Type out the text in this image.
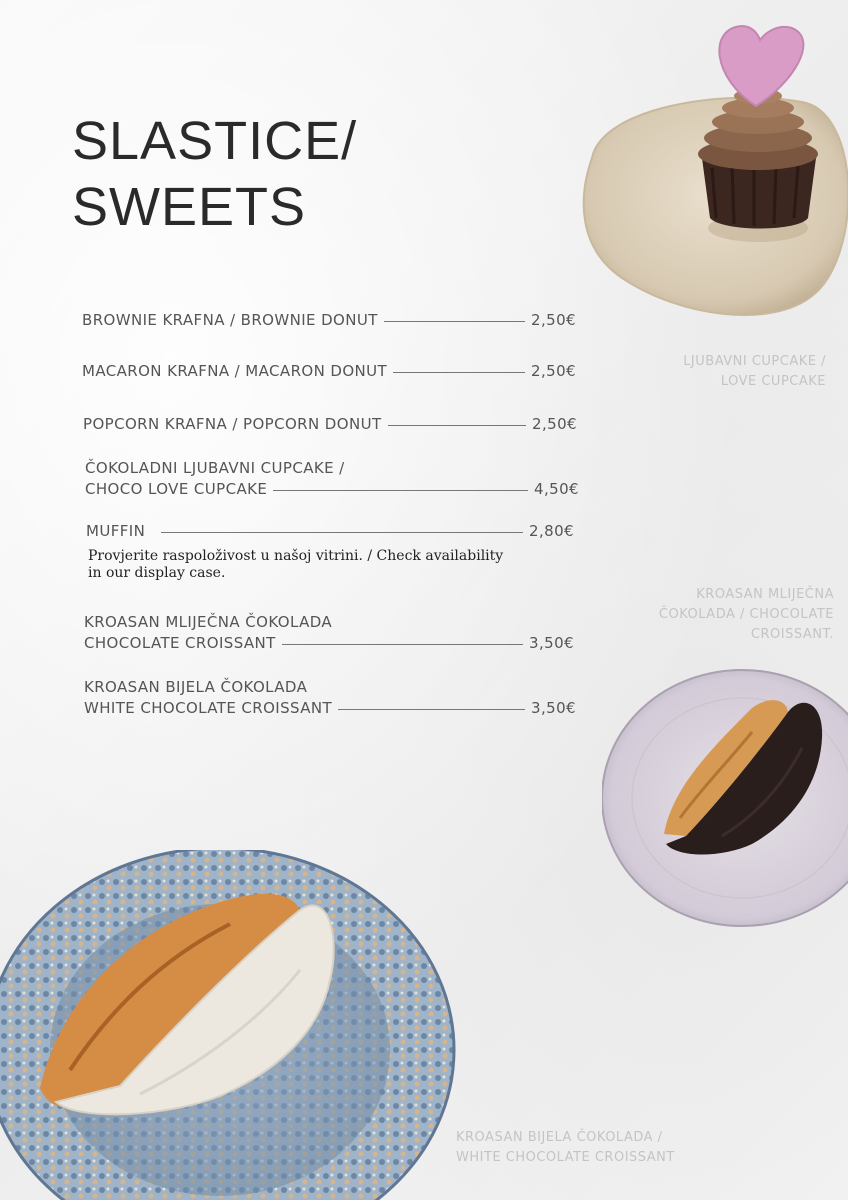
SLASTICE/
SWEETS
BROWNIE KRAFNA / BROWNIE DONUT	2,50€
MACARON KRAFNA / MACARON DONUT	2,50€
POPCORN KRAFNA / POPCORN DONUT	2,50€
ČOKOLADNI LJUBAVNI CUPCAKE /
CHOCO LOVE CUPCAKE	4,50€
MUFFIN	2,80€
Provjerite raspoloživost u našoj vitrini. / Check availability in our display case.
KROASAN MLIJEČNA ČOKOLADA
CHOCOLATE CROISSANT	3,50€
KROASAN BIJELA ČOKOLADA
WHITE CHOCOLATE CROISSANT	3,50€
LJUBAVNI CUPCAKE /
LOVE CUPCAKE
KROASAN MLIJEČNA
ČOKOLADA / CHOCOLATE
CROISSANT.
KROASAN BIJELA ČOKOLADA /
WHITE CHOCOLATE CROISSANT
